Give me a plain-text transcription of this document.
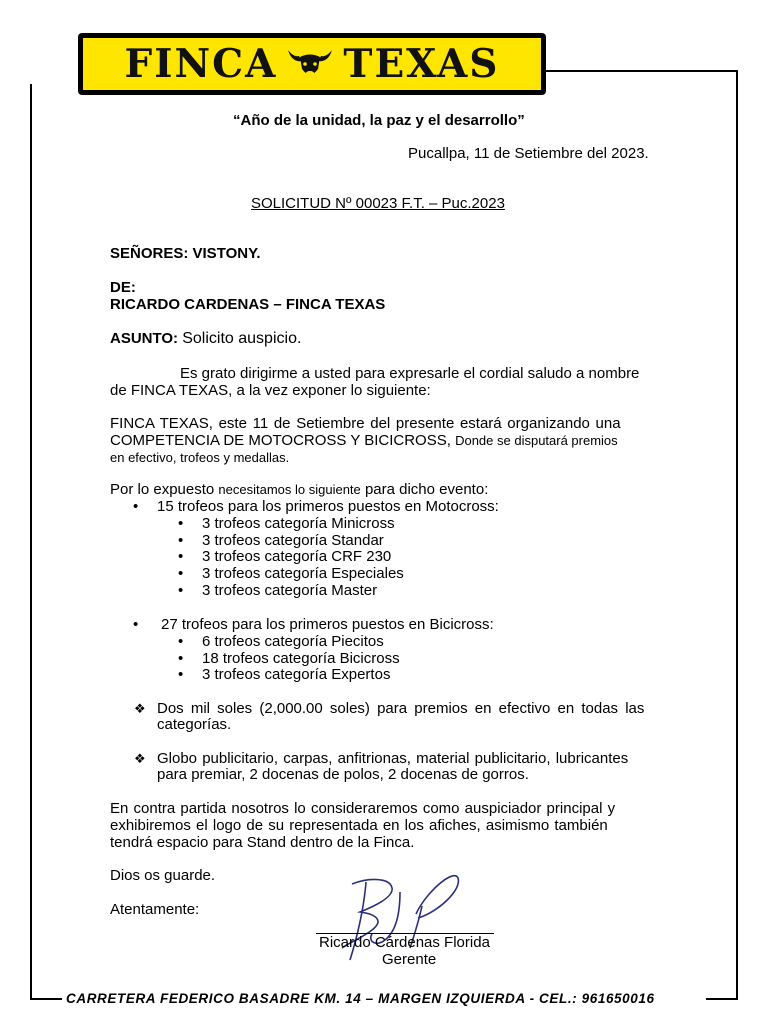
FINCA TEXAS
“Año de la unidad, la paz y el desarrollo”
Pucallpa, 11 de Setiembre del 2023.
SOLICITUD Nº 00023 F.T. – Puc.2023
SEÑORES: VISTONY.
DE:
RICARDO CARDENAS – FINCA TEXAS
ASUNTO: Solicito auspicio.
Es grato dirigirme a usted para expresarle el cordial saludo a nombre
de FINCA TEXAS, a la vez exponer lo siguiente:
FINCA TEXAS, este 11 de Setiembre del presente estará organizando una
COMPETENCIA DE MOTOCROSS Y BICICROSS, Donde se disputará premios
en efectivo, trofeos y medallas.
Por lo expuesto necesitamos lo siguiente para dicho evento:
• 15 trofeos para los primeros puestos en Motocross:
• 3 trofeos categoría Minicross
• 3 trofeos categoría Standar
• 3 trofeos categoría CRF 230
• 3 trofeos categoría Especiales
• 3 trofeos categoría Master
• 27 trofeos para los primeros puestos en Bicicross:
• 6 trofeos categoría Piecitos
• 18 trofeos categoría Bicicross
• 3 trofeos categoría Expertos
❖ Dos mil soles (2,000.00 soles) para premios en efectivo en todas las
categorías.
❖ Globo publicitario, carpas, anfitrionas, material publicitario, lubricantes
para premiar, 2 docenas de polos, 2 docenas de gorros.
En contra partida nosotros lo consideraremos como auspiciador principal y
exhibiremos el logo de su representada en los afiches, asimismo también
tendrá espacio para Stand dentro de la Finca.
Dios os guarde.
Atentamente:
Ricardo Cárdenas Florida
Gerente
CARRETERA FEDERICO BASADRE KM. 14 – MARGEN IZQUIERDA - CEL.: 961650016
